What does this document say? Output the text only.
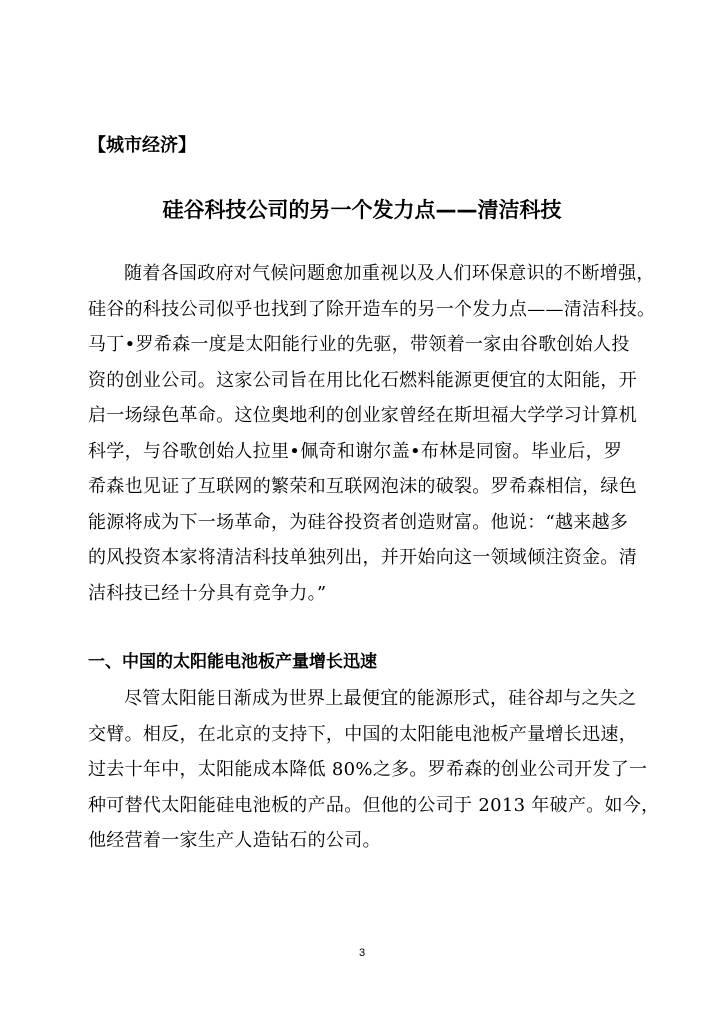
【城市经济】
硅谷科技公司的另一个发力点——清洁科技
随着各国政府对气候问题愈加重视以及人们环保意识的不断增强，
硅谷的科技公司似乎也找到了除开造车的另一个发力点——清洁科技。
马丁•罗希森一度是太阳能行业的先驱，带领着一家由谷歌创始人投
资的创业公司。这家公司旨在用比化石燃料能源更便宜的太阳能，开
启一场绿色革命。这位奥地利的创业家曾经在斯坦福大学学习计算机
科学，与谷歌创始人拉里•佩奇和谢尔盖•布林是同窗。毕业后，罗
希森也见证了互联网的繁荣和互联网泡沫的破裂。罗希森相信，绿色
能源将成为下一场革命，为硅谷投资者创造财富。他说：“越来越多
的风投资本家将清洁科技单独列出，并开始向这一领域倾注资金。清
洁科技已经十分具有竞争力。”
一、中国的太阳能电池板产量增长迅速
尽管太阳能日渐成为世界上最便宜的能源形式，硅谷却与之失之
交臂。相反，在北京的支持下，中国的太阳能电池板产量增长迅速，
过去十年中，太阳能成本降低 80%之多。罗希森的创业公司开发了一
种可替代太阳能硅电池板的产品。但他的公司于 2013 年破产。如今，
他经营着一家生产人造钻石的公司。
3
